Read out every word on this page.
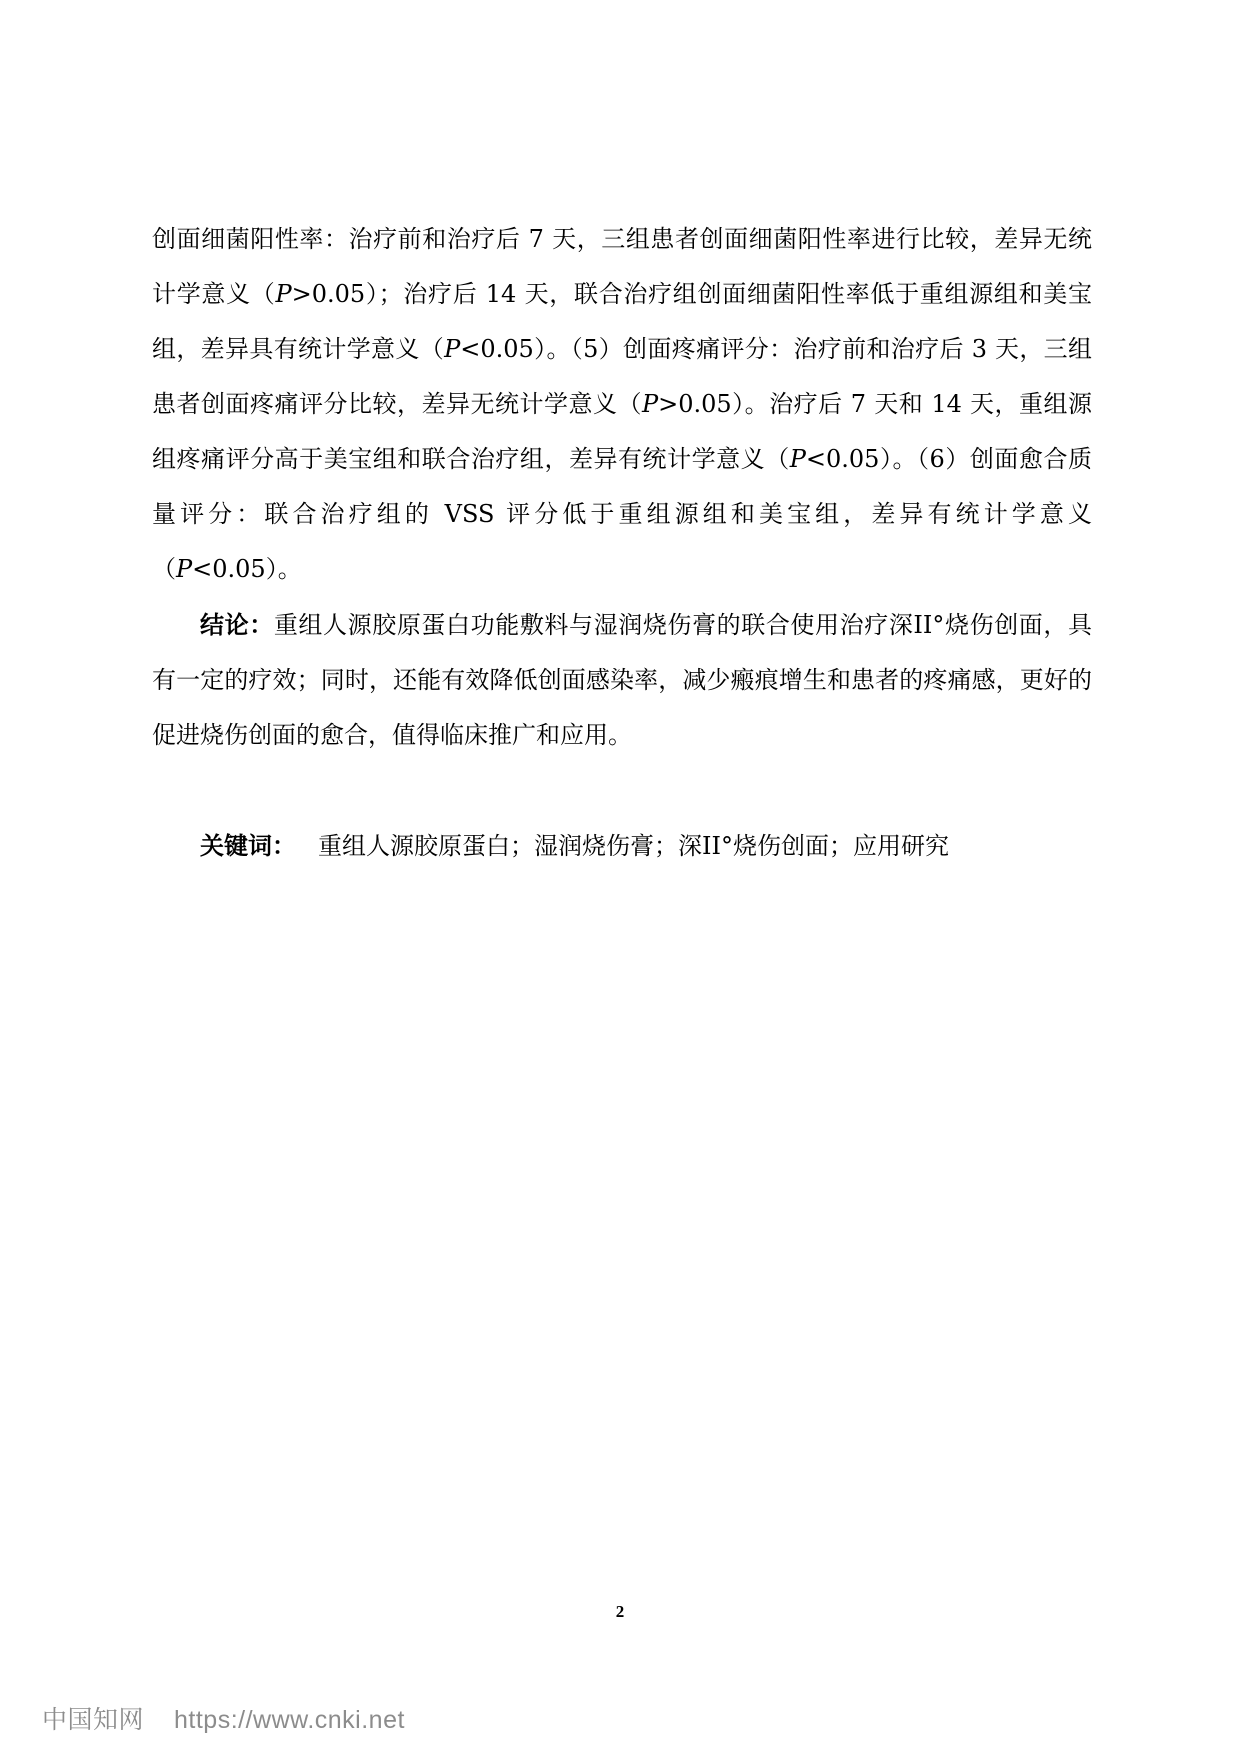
创面细菌阳性率：治疗前和治疗后 7 天，三组患者创面细菌阳性率进行比较，差异无统计学意义（P>0.05）；治疗后 14 天，联合治疗组创面细菌阳性率低于重组源组和美宝组，差异具有统计学意义（P<0.05）。（5）创面疼痛评分：治疗前和治疗后 3 天，三组患者创面疼痛评分比较，差异无统计学意义（P>0.05）。治疗后 7 天和 14 天，重组源组疼痛评分高于美宝组和联合治疗组，差异有统计学意义（P<0.05）。（6）创面愈合质量评分：联合治疗组的 VSS 评分低于重组源组和美宝组，差异有统计学意义（P<0.05）。

结论：重组人源胶原蛋白功能敷料与湿润烧伤膏的联合使用治疗深II°烧伤创面，具有一定的疗效；同时，还能有效降低创面感染率，减少瘢痕增生和患者的疼痛感，更好的促进烧伤创面的愈合，值得临床推广和应用。

关键词： 重组人源胶原蛋白；湿润烧伤膏；深II°烧伤创面；应用研究

2
中国知网 https://www.cnki.net
